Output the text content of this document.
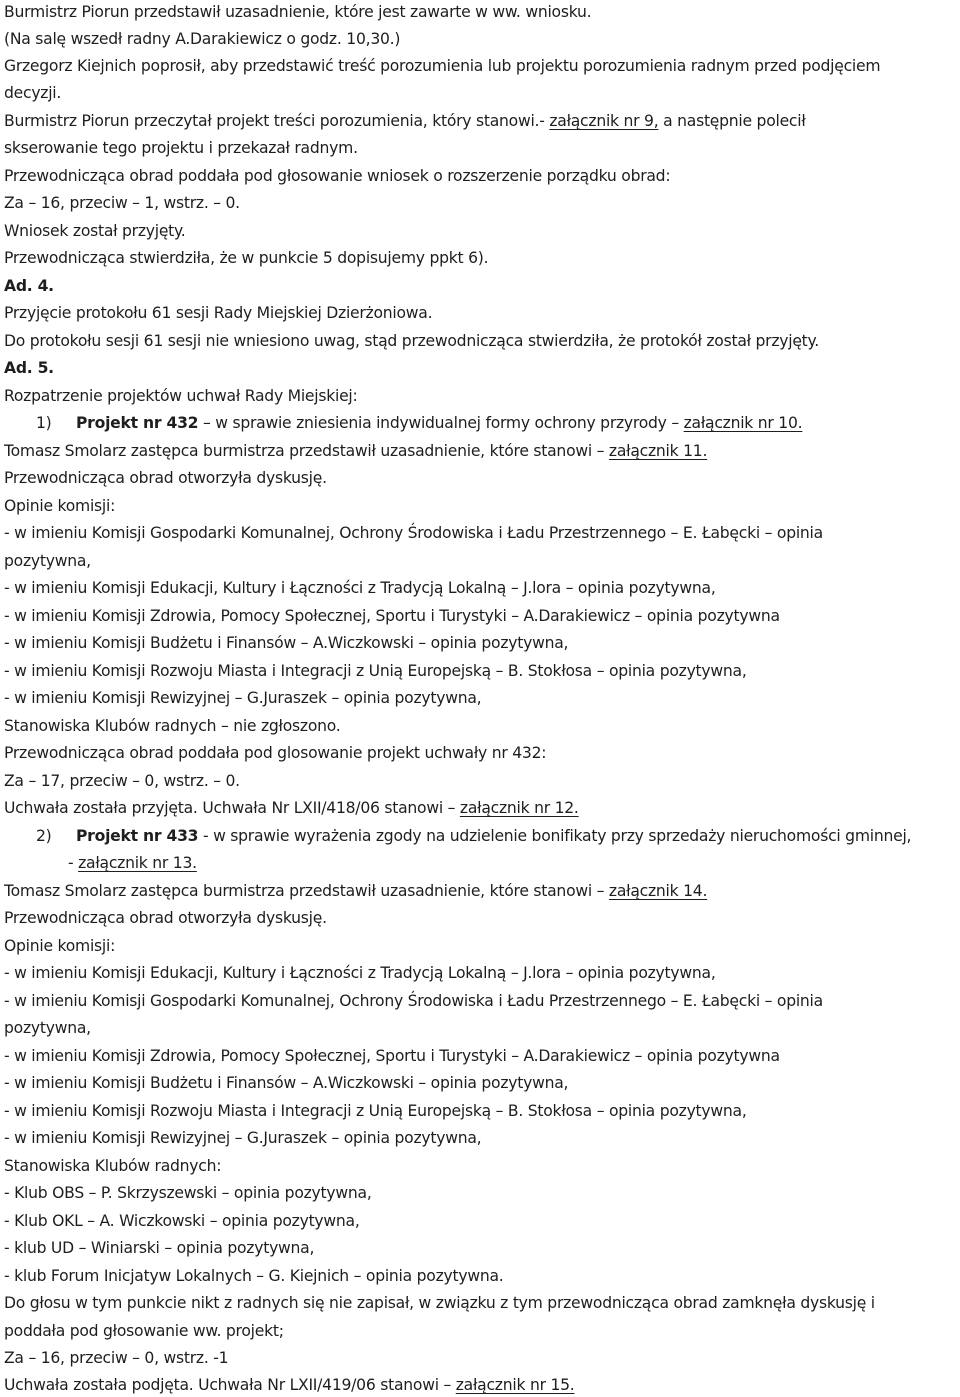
Burmistrz Piorun przedstawił uzasadnienie, które jest zawarte w ww. wniosku.
(Na salę wszedł radny A.Darakiewicz o godz. 10,30.)
Grzegorz Kiejnich poprosił, aby przedstawić treść porozumienia lub projektu porozumienia radnym przed podjęciem
decyzji.
Burmistrz Piorun przeczytał projekt treści porozumienia, który stanowi.- załącznik nr 9, a następnie polecił
skserowanie tego projektu i przekazał radnym.
Przewodnicząca obrad poddała pod głosowanie wniosek o rozszerzenie porządku obrad:
Za – 16, przeciw – 1, wstrz. – 0.
Wniosek został przyjęty.
Przewodnicząca stwierdziła, że w punkcie 5 dopisujemy ppkt 6).
Ad. 4.
Przyjęcie protokołu 61 sesji Rady Miejskiej Dzierżoniowa.
Do protokołu sesji 61 sesji nie wniesiono uwag, stąd przewodnicząca stwierdziła, że protokół został przyjęty.
Ad. 5.
Rozpatrzenie projektów uchwał Rady Miejskiej:
1) Projekt nr 432 – w sprawie zniesienia indywidualnej formy ochrony przyrody – załącznik nr 10.
Tomasz Smolarz zastępca burmistrza przedstawił uzasadnienie, które stanowi – załącznik 11.
Przewodnicząca obrad otworzyła dyskusję.
Opinie komisji:
- w imieniu Komisji Gospodarki Komunalnej, Ochrony Środowiska i Ładu Przestrzennego – E. Łabęcki – opinia
pozytywna,
- w imieniu Komisji Edukacji, Kultury i Łączności z Tradycją Lokalną – J.lora – opinia pozytywna,
- w imieniu Komisji Zdrowia, Pomocy Społecznej, Sportu i Turystyki – A.Darakiewicz – opinia pozytywna
- w imieniu Komisji Budżetu i Finansów – A.Wiczkowski – opinia pozytywna,
- w imieniu Komisji Rozwoju Miasta i Integracji z Unią Europejską – B. Stokłosa – opinia pozytywna,
- w imieniu Komisji Rewizyjnej – G.Juraszek – opinia pozytywna,
Stanowiska Klubów radnych – nie zgłoszono.
Przewodnicząca obrad poddała pod glosowanie projekt uchwały nr 432:
Za – 17, przeciw – 0, wstrz. – 0.
Uchwała została przyjęta. Uchwała Nr LXII/418/06 stanowi – załącznik nr 12.
2) Projekt nr 433 - w sprawie wyrażenia zgody na udzielenie bonifikaty przy sprzedaży nieruchomości gminnej,
- załącznik nr 13.
Tomasz Smolarz zastępca burmistrza przedstawił uzasadnienie, które stanowi – załącznik 14.
Przewodnicząca obrad otworzyła dyskusję.
Opinie komisji:
- w imieniu Komisji Edukacji, Kultury i Łączności z Tradycją Lokalną – J.lora – opinia pozytywna,
- w imieniu Komisji Gospodarki Komunalnej, Ochrony Środowiska i Ładu Przestrzennego – E. Łabęcki – opinia
pozytywna,
- w imieniu Komisji Zdrowia, Pomocy Społecznej, Sportu i Turystyki – A.Darakiewicz – opinia pozytywna
- w imieniu Komisji Budżetu i Finansów – A.Wiczkowski – opinia pozytywna,
- w imieniu Komisji Rozwoju Miasta i Integracji z Unią Europejską – B. Stokłosa – opinia pozytywna,
- w imieniu Komisji Rewizyjnej – G.Juraszek – opinia pozytywna,
Stanowiska Klubów radnych:
- Klub OBS – P. Skrzyszewski – opinia pozytywna,
- Klub OKL – A. Wiczkowski – opinia pozytywna,
- klub UD – Winiarski – opinia pozytywna,
- klub Forum Inicjatyw Lokalnych – G. Kiejnich – opinia pozytywna.
Do głosu w tym punkcie nikt z radnych się nie zapisał, w związku z tym przewodnicząca obrad zamknęła dyskusję i
poddała pod głosowanie ww. projekt;
Za – 16, przeciw – 0, wstrz. -1
Uchwała została podjęta. Uchwała Nr LXII/419/06 stanowi – załącznik nr 15.
